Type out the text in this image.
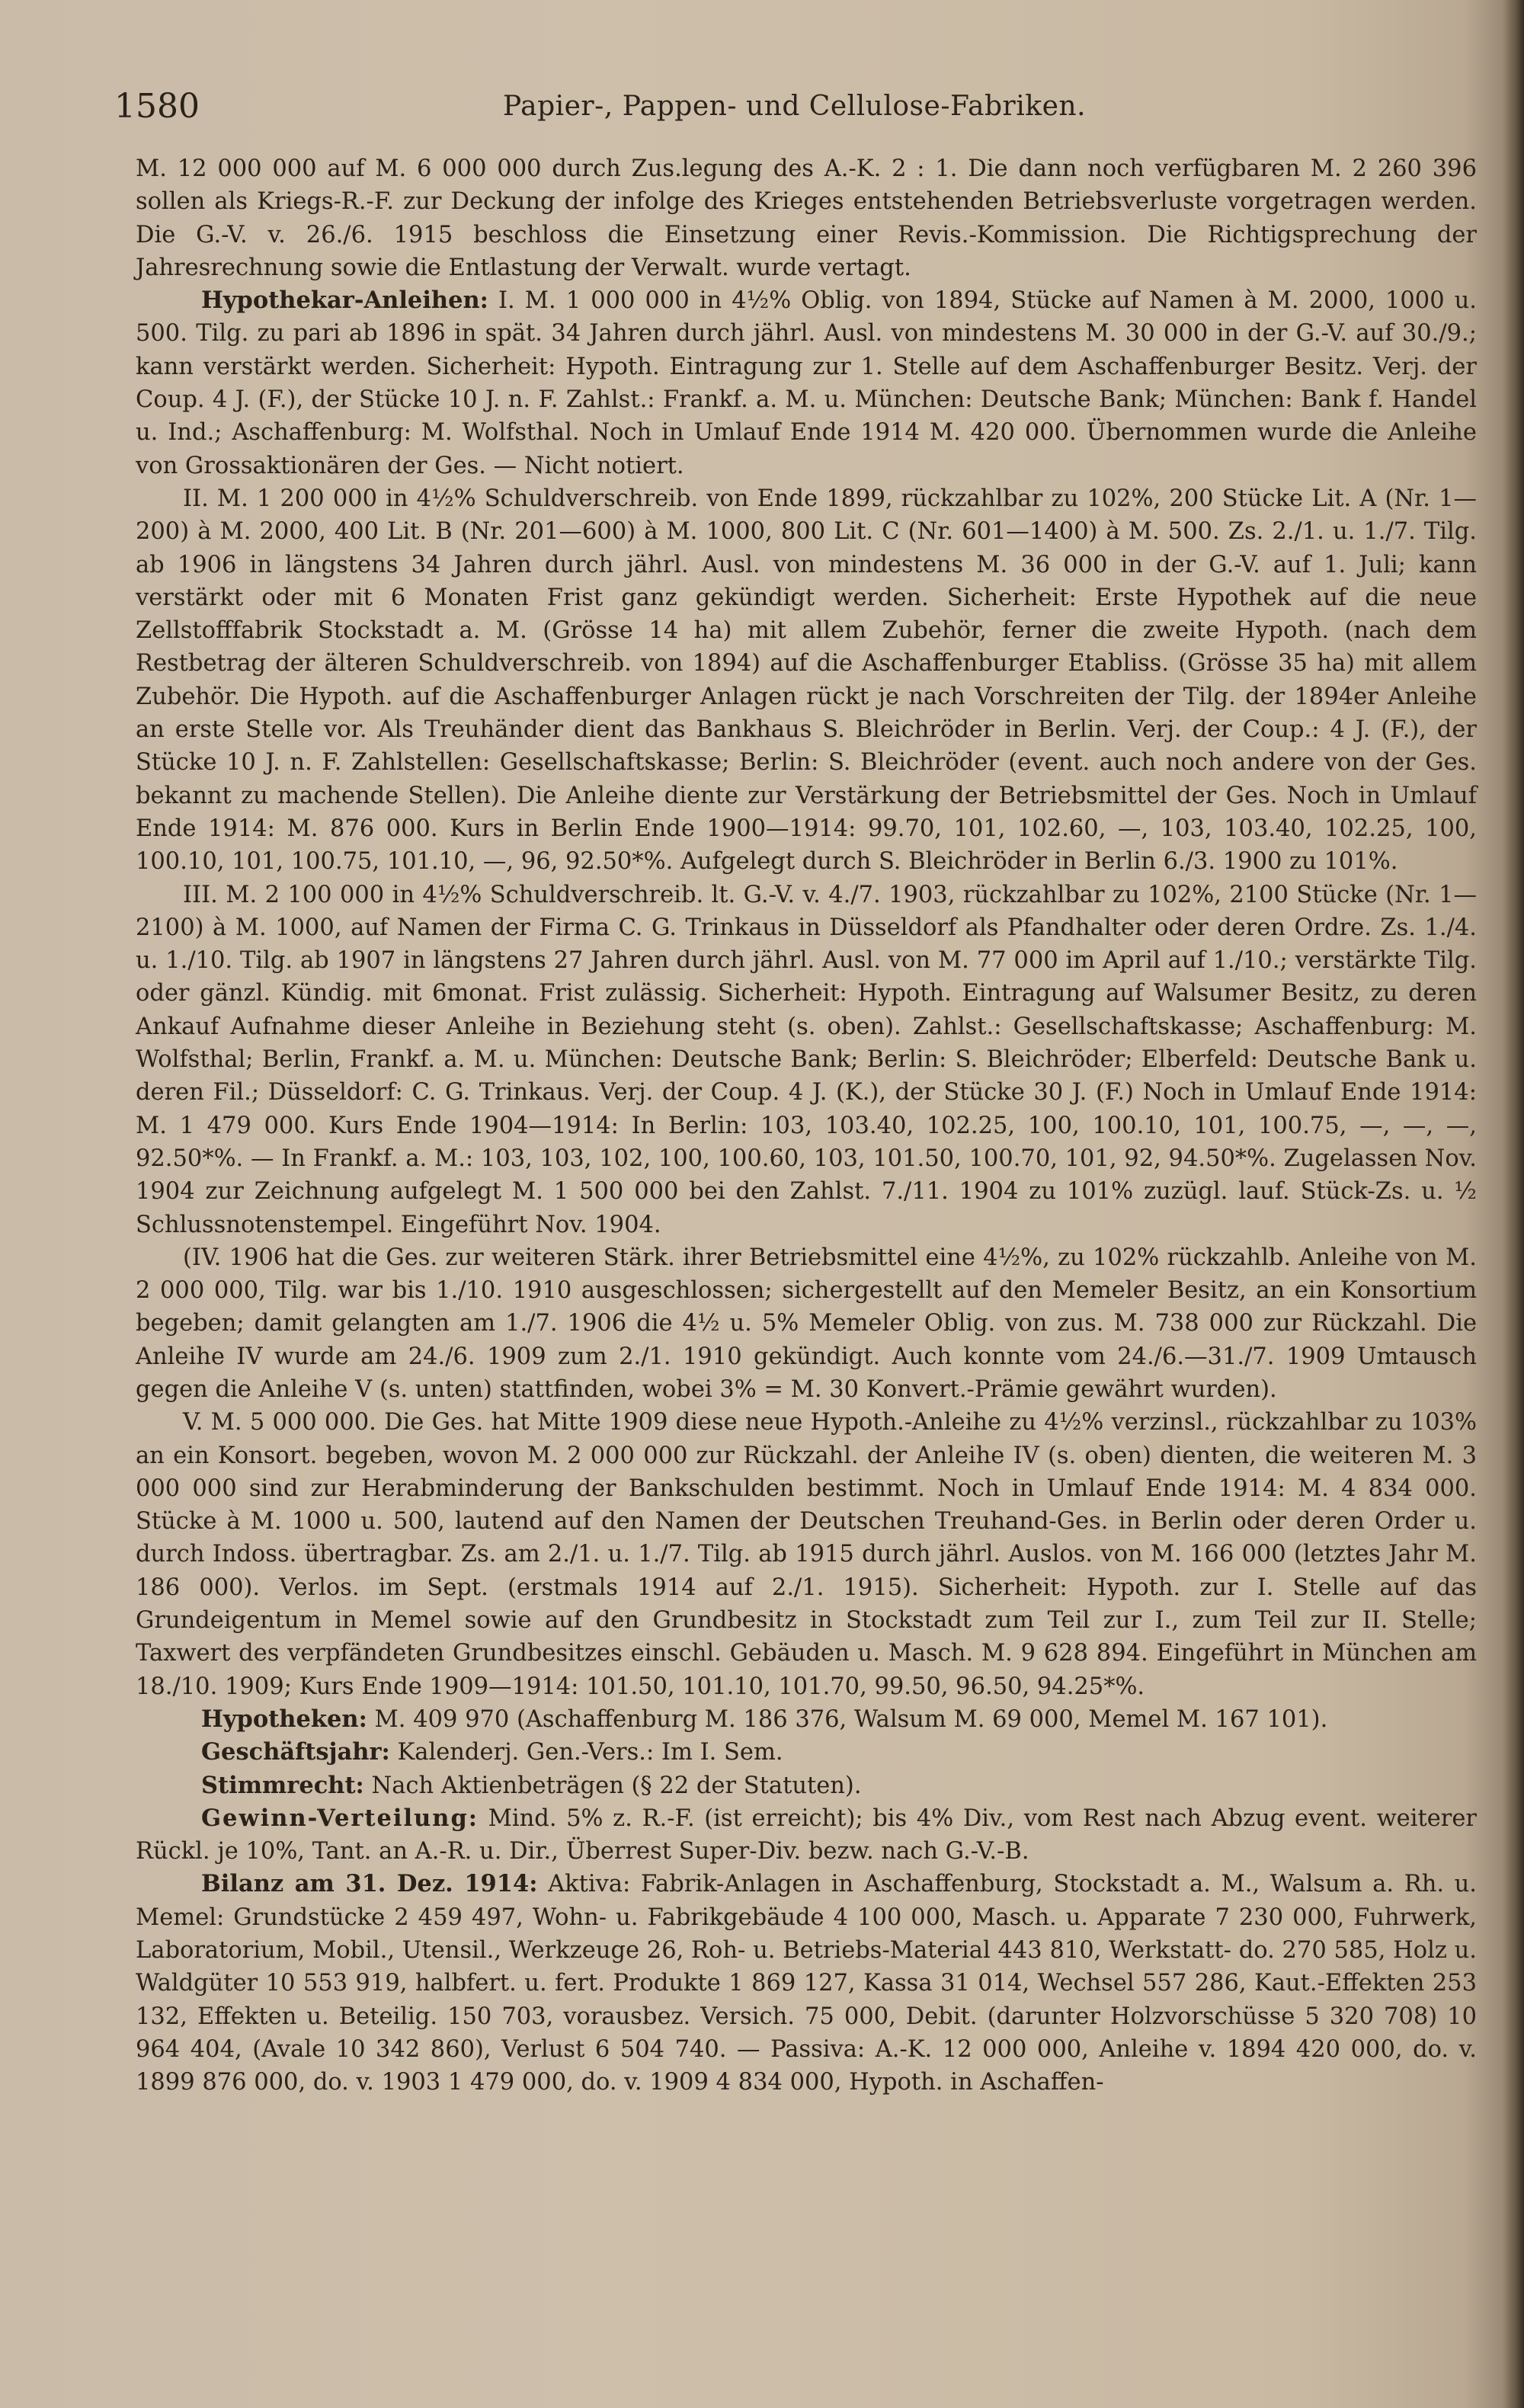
1580	Papier-, Pappen- und Cellulose-Fabriken.

M. 12 000 000 auf M. 6 000 000 durch Zus.legung des A.-K. 2 : 1. Die dann noch verfügbaren M. 2 260 396 sollen als Kriegs-R.-F. zur Deckung der infolge des Krieges entstehenden Betriebsverluste vorgetragen werden. Die G.-V. v. 26./6. 1915 beschloss die Einsetzung einer Revis.-Kommission. Die Richtigsprechung der Jahresrechnung sowie die Entlastung der Verwalt. wurde vertagt.

Hypothekar-Anleihen: I. M. 1 000 000 in 4½% Oblig. von 1894, Stücke auf Namen à M. 2000, 1000 u. 500. Tilg. zu pari ab 1896 in spät. 34 Jahren durch jährl. Ausl. von mindestens M. 30 000 in der G.-V. auf 30./9.; kann verstärkt werden. Sicherheit: Hypoth. Eintragung zur 1. Stelle auf dem Aschaffenburger Besitz. Verj. der Coup. 4 J. (F.), der Stücke 10 J. n. F. Zahlst.: Frankf. a. M. u. München: Deutsche Bank; München: Bank f. Handel u. Ind.; Aschaffenburg: M. Wolfsthal. Noch in Umlauf Ende 1914 M. 420 000. Übernommen wurde die Anleihe von Grossaktionären der Ges. — Nicht notiert.

II. M. 1 200 000 in 4½% Schuldverschreib. von Ende 1899, rückzahlbar zu 102%, 200 Stücke Lit. A (Nr. 1—200) à M. 2000, 400 Lit. B (Nr. 201—600) à M. 1000, 800 Lit. C (Nr. 601—1400) à M. 500. Zs. 2./1. u. 1./7. Tilg. ab 1906 in längstens 34 Jahren durch jährl. Ausl. von mindestens M. 36 000 in der G.-V. auf 1. Juli; kann verstärkt oder mit 6 Monaten Frist ganz gekündigt werden. Sicherheit: Erste Hypothek auf die neue Zellstofffabrik Stockstadt a. M. (Grösse 14 ha) mit allem Zubehör, ferner die zweite Hypoth. (nach dem Restbetrag der älteren Schuldverschreib. von 1894) auf die Aschaffenburger Etabliss. (Grösse 35 ha) mit allem Zubehör. Die Hypoth. auf die Aschaffenburger Anlagen rückt je nach Vorschreiten der Tilg. der 1894er Anleihe an erste Stelle vor. Als Treuhänder dient das Bankhaus S. Bleichröder in Berlin. Verj. der Coup.: 4 J. (F.), der Stücke 10 J. n. F. Zahlstellen: Gesellschaftskasse; Berlin: S. Bleichröder (event. auch noch andere von der Ges. bekannt zu machende Stellen). Die Anleihe diente zur Verstärkung der Betriebsmittel der Ges. Noch in Umlauf Ende 1914: M. 876 000. Kurs in Berlin Ende 1900—1914: 99.70, 101, 102.60, —, 103, 103.40, 102.25, 100, 100.10, 101, 100.75, 101.10, —, 96, 92.50*%. Aufgelegt durch S. Bleichröder in Berlin 6./3. 1900 zu 101%.

III. M. 2 100 000 in 4½% Schuldverschreib. lt. G.-V. v. 4./7. 1903, rückzahlbar zu 102%, 2100 Stücke (Nr. 1—2100) à M. 1000, auf Namen der Firma C. G. Trinkaus in Düsseldorf als Pfandhalter oder deren Ordre. Zs. 1./4. u. 1./10. Tilg. ab 1907 in längstens 27 Jahren durch jährl. Ausl. von M. 77 000 im April auf 1./10.; verstärkte Tilg. oder gänzl. Kündig. mit 6monat. Frist zulässig. Sicherheit: Hypoth. Eintragung auf Walsumer Besitz, zu deren Ankauf Aufnahme dieser Anleihe in Beziehung steht (s. oben). Zahlst.: Gesellschaftskasse; Aschaffenburg: M. Wolfsthal; Berlin, Frankf. a. M. u. München: Deutsche Bank; Berlin: S. Bleichröder; Elberfeld: Deutsche Bank u. deren Fil.; Düsseldorf: C. G. Trinkaus. Verj. der Coup. 4 J. (K.), der Stücke 30 J. (F.) Noch in Umlauf Ende 1914: M. 1 479 000. Kurs Ende 1904—1914: In Berlin: 103, 103.40, 102.25, 100, 100.10, 101, 100.75, —, —, —, 92.50*%. — In Frankf. a. M.: 103, 103, 102, 100, 100.60, 103, 101.50, 100.70, 101, 92, 94.50*%. Zugelassen Nov. 1904 zur Zeichnung aufgelegt M. 1 500 000 bei den Zahlst. 7./11. 1904 zu 101% zuzügl. lauf. Stück-Zs. u. ½ Schlussnotenstempel. Eingeführt Nov. 1904.

(IV. 1906 hat die Ges. zur weiteren Stärk. ihrer Betriebsmittel eine 4½%, zu 102% rückzahlb. Anleihe von M. 2 000 000, Tilg. war bis 1./10. 1910 ausgeschlossen; sichergestellt auf den Memeler Besitz, an ein Konsortium begeben; damit gelangten am 1./7. 1906 die 4½ u. 5% Memeler Oblig. von zus. M. 738 000 zur Rückzahl. Die Anleihe IV wurde am 24./6. 1909 zum 2./1. 1910 gekündigt. Auch konnte vom 24./6.—31./7. 1909 Umtausch gegen die Anleihe V (s. unten) stattfinden, wobei 3% = M. 30 Konvert.-Prämie gewährt wurden).

V. M. 5 000 000. Die Ges. hat Mitte 1909 diese neue Hypoth.-Anleihe zu 4½% verzinsl., rückzahlbar zu 103% an ein Konsort. begeben, wovon M. 2 000 000 zur Rückzahl. der Anleihe IV (s. oben) dienten, die weiteren M. 3 000 000 sind zur Herabminderung der Bankschulden bestimmt. Noch in Umlauf Ende 1914: M. 4 834 000. Stücke à M. 1000 u. 500, lautend auf den Namen der Deutschen Treuhand-Ges. in Berlin oder deren Order u. durch Indoss. übertragbar. Zs. am 2./1. u. 1./7. Tilg. ab 1915 durch jährl. Auslos. von M. 166 000 (letztes Jahr M. 186 000). Verlos. im Sept. (erstmals 1914 auf 2./1. 1915). Sicherheit: Hypoth. zur I. Stelle auf das Grundeigentum in Memel sowie auf den Grundbesitz in Stockstadt zum Teil zur I., zum Teil zur II. Stelle; Taxwert des verpfändeten Grundbesitzes einschl. Gebäuden u. Masch. M. 9 628 894. Eingeführt in München am 18./10. 1909; Kurs Ende 1909—1914: 101.50, 101.10, 101.70, 99.50, 96.50, 94.25*%.

Hypotheken: M. 409 970 (Aschaffenburg M. 186 376, Walsum M. 69 000, Memel M. 167 101).

Geschäftsjahr: Kalenderj. Gen.-Vers.: Im I. Sem.

Stimmrecht: Nach Aktienbeträgen (§ 22 der Statuten).

Gewinn-Verteilung: Mind. 5% z. R.-F. (ist erreicht); bis 4% Div., vom Rest nach Abzug event. weiterer Rückl. je 10%, Tant. an A.-R. u. Dir., Überrest Super-Div. bezw. nach G.-V.-B.

Bilanz am 31. Dez. 1914: Aktiva: Fabrik-Anlagen in Aschaffenburg, Stockstadt a. M., Walsum a. Rh. u. Memel: Grundstücke 2 459 497, Wohn- u. Fabrikgebäude 4 100 000, Masch. u. Apparate 7 230 000, Fuhrwerk, Laboratorium, Mobil., Utensil., Werkzeuge 26, Roh- u. Betriebs-Material 443 810, Werkstatt- do. 270 585, Holz u. Waldgüter 10 553 919, halbfert. u. fert. Produkte 1 869 127, Kassa 31 014, Wechsel 557 286, Kaut.-Effekten 253 132, Effekten u. Beteilig. 150 703, vorausbez. Versich. 75 000, Debit. (darunter Holzvorschüsse 5 320 708) 10 964 404, (Avale 10 342 860), Verlust 6 504 740. — Passiva: A.-K. 12 000 000, Anleihe v. 1894 420 000, do. v. 1899 876 000, do. v. 1903 1 479 000, do. v. 1909 4 834 000, Hypoth. in Aschaffen-
